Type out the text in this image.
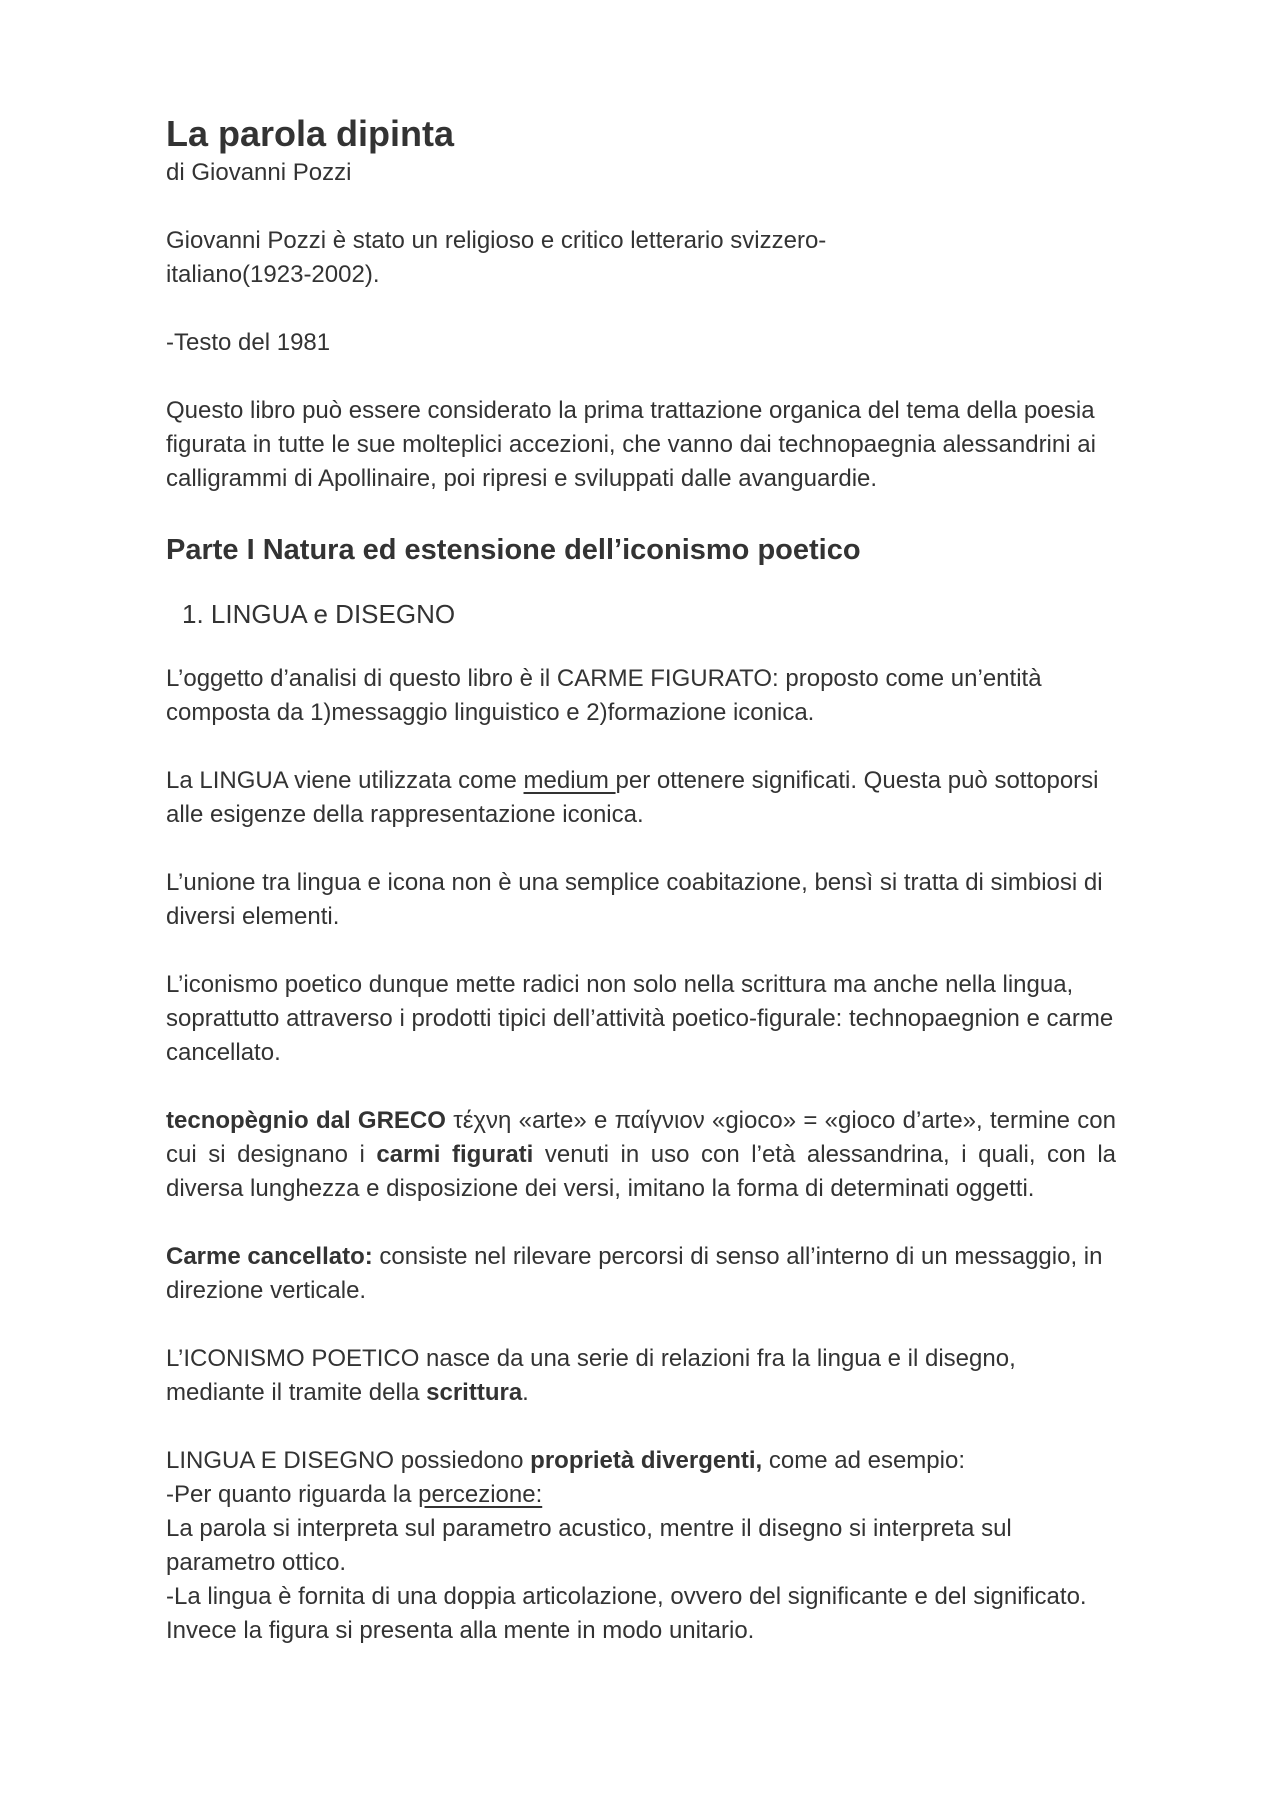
La parola dipinta
di Giovanni Pozzi

Giovanni Pozzi è stato un religioso e critico letterario svizzero-
italiano(1923-2002).

-Testo del 1981

Questo libro può essere considerato la prima trattazione organica del tema della poesia figurata in tutte le sue molteplici accezioni, che vanno dai technopaegnia alessandrini ai calligrammi di Apollinaire, poi ripresi e sviluppati dalle avanguardie.

Parte I Natura ed estensione dell’iconismo poetico
1. LINGUA e DISEGNO

L’oggetto d’analisi di questo libro è il CARME FIGURATO: proposto come un’entità composta da 1)messaggio linguistico e 2)formazione iconica.

La LINGUA viene utilizzata come medium per ottenere significati. Questa può sottoporsi alle esigenze della rappresentazione iconica.

L’unione tra lingua e icona non è una semplice coabitazione, bensì si tratta di simbiosi di diversi elementi.

L’iconismo poetico dunque mette radici non solo nella scrittura ma anche nella lingua, soprattutto attraverso i prodotti tipici dell’attività poetico-figurale: technopaegnion e carme cancellato.

tecnopègnio dal GRECO τέχνη «arte» e παίγνιον «gioco» = «gioco d’arte», termine con cui si designano i carmi figurati venuti in uso con l’età alessandrina, i quali, con la diversa lunghezza e disposizione dei versi, imitano la forma di determinati oggetti.

Carme cancellato: consiste nel rilevare percorsi di senso all’interno di un messaggio, in direzione verticale.

L’ICONISMO POETICO nasce da una serie di relazioni fra la lingua e il disegno, mediante il tramite della scrittura.

LINGUA E DISEGNO possiedono proprietà divergenti, come ad esempio:
-Per quanto riguarda la percezione:
La parola si interpreta sul parametro acustico, mentre il disegno si interpreta sul parametro ottico.
-La lingua è fornita di una doppia articolazione, ovvero del significante e del significato. Invece la figura si presenta alla mente in modo unitario.
